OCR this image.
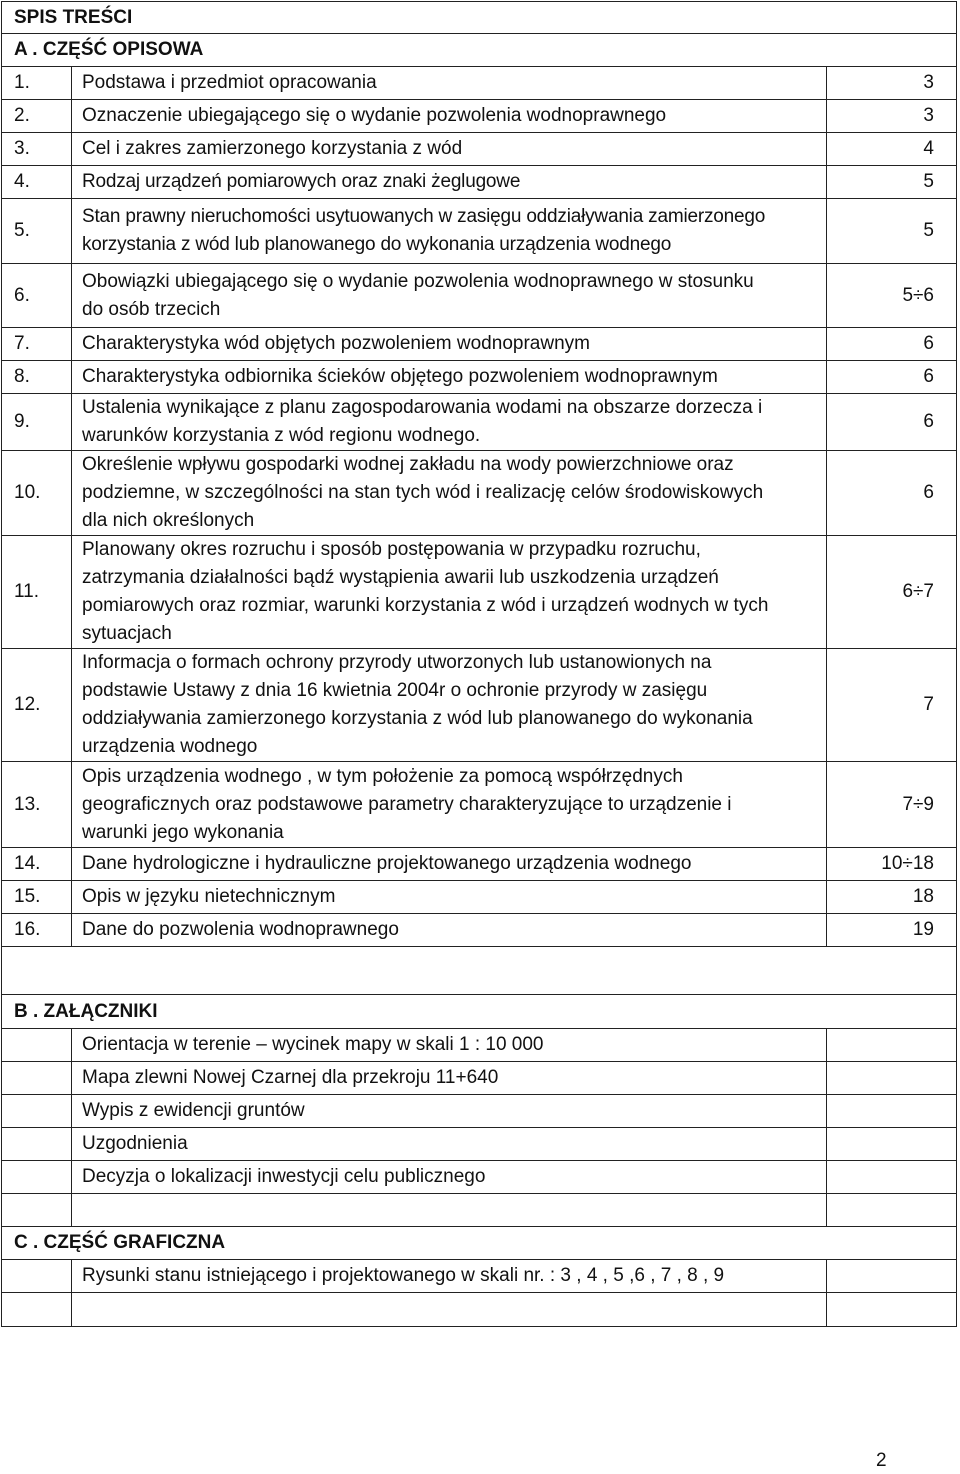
SPIS TREŚCI		
A . CZĘŚĆ OPISOWA		
1.	Podstawa i przedmiot opracowania	3
2.	Oznaczenie ubiegającego się o wydanie pozwolenia wodnoprawnego	3
3.	Cel i zakres zamierzonego korzystania z wód	4
4.	Rodzaj urządzeń pomiarowych oraz znaki żeglugowe	5
5.	Stan prawny nieruchomości usytuowanych w zasięgu oddziaływania zamierzonego
korzystania z wód lub planowanego do wykonania urządzenia wodnego	5
6.	Obowiązki ubiegającego się o wydanie pozwolenia wodnoprawnego w stosunku
do osób trzecich	5÷6
7.	Charakterystyka wód objętych pozwoleniem wodnoprawnym	6
8.	Charakterystyka odbiornika ścieków objętego pozwoleniem wodnoprawnym	6
9.	Ustalenia wynikające z planu zagospodarowania wodami na obszarze dorzecza i
warunków korzystania z wód regionu wodnego.	6
10.	Określenie wpływu gospodarki wodnej zakładu na wody powierzchniowe oraz
podziemne, w szczególności na stan tych wód i realizację celów środowiskowych
dla nich określonych	6
11.	Planowany okres rozruchu i sposób postępowania w przypadku rozruchu,
zatrzymania działalności bądź wystąpienia awarii lub uszkodzenia urządzeń
pomiarowych oraz rozmiar, warunki korzystania z wód i urządzeń wodnych w tych
sytuacjach	6÷7
12.	Informacja o formach ochrony przyrody utworzonych lub ustanowionych na
podstawie Ustawy z dnia 16 kwietnia 2004r o ochronie przyrody w zasięgu
oddziaływania zamierzonego korzystania z wód lub planowanego do wykonania
urządzenia wodnego	7
13.	Opis urządzenia wodnego , w tym położenie za pomocą współrzędnych
geograficznych oraz podstawowe parametry charakteryzujące to urządzenie i
warunki jego wykonania	7÷9
14.	Dane hydrologiczne i hydrauliczne projektowanego urządzenia wodnego	10÷18
15.	Opis w języku nietechnicznym	18
16.	Dane do pozwolenia wodnoprawnego	19

B . ZAŁĄCZNIKI		
	Orientacja w terenie – wycinek mapy w skali 1 : 10 000	
	Mapa zlewni Nowej Czarnej dla przekroju 11+640	
	Wypis z ewidencji gruntów	
	Uzgodnienia	
	Decyzja o lokalizacji inwestycji celu publicznego	

C . CZĘŚĆ GRAFICZNA		
	Rysunki stanu istniejącego i projektowanego w skali nr. : 3 , 4 , 5 ,6 , 7 , 8 , 9	

2
